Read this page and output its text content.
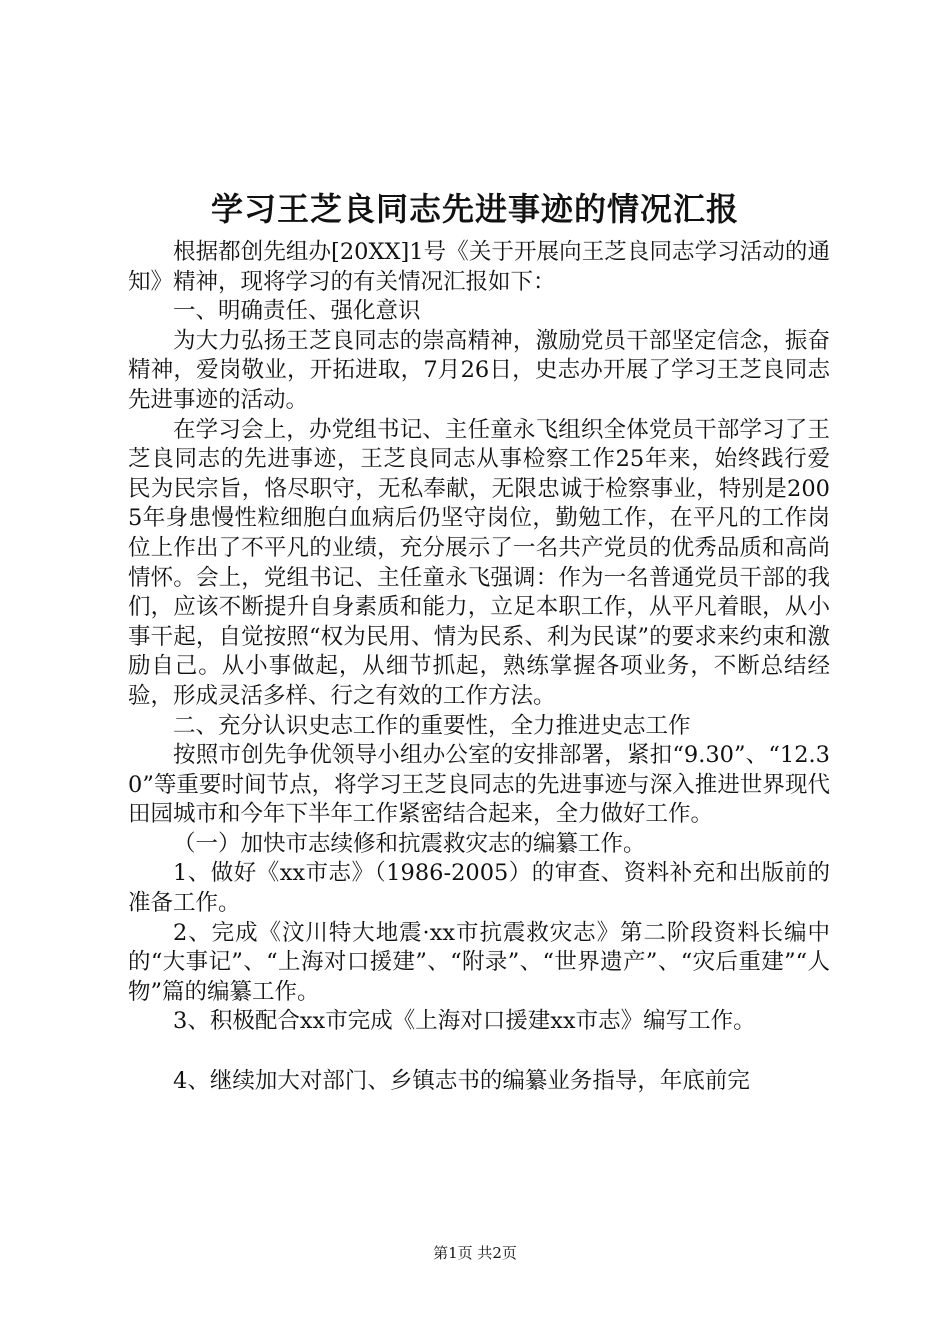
学习王芝良同志先进事迹的情况汇报

根据都创先组办[20XX]1号《关于开展向王芝良同志学习活动的通知》精神，现将学习的有关情况汇报如下：

一、明确责任、强化意识

为大力弘扬王芝良同志的崇高精神，激励党员干部坚定信念，振奋精神，爱岗敬业，开拓进取，7月26日，史志办开展了学习王芝良同志先进事迹的活动。

在学习会上，办党组书记、主任童永飞组织全体党员干部学习了王芝良同志的先进事迹，王芝良同志从事检察工作25年来，始终践行爱民为民宗旨，恪尽职守，无私奉献，无限忠诚于检察事业，特别是2005年身患慢性粒细胞白血病后仍坚守岗位，勤勉工作，在平凡的工作岗位上作出了不平凡的业绩，充分展示了一名共产党员的优秀品质和高尚情怀。会上，党组书记、主任童永飞强调：作为一名普通党员干部的我们，应该不断提升自身素质和能力，立足本职工作，从平凡着眼，从小事干起，自觉按照“权为民用、情为民系、利为民谋”的要求来约束和激励自己。从小事做起，从细节抓起，熟练掌握各项业务，不断总结经验，形成灵活多样、行之有效的工作方法。

二、充分认识史志工作的重要性，全力推进史志工作

按照市创先争优领导小组办公室的安排部署，紧扣“9.30”、“12.30”等重要时间节点，将学习王芝良同志的先进事迹与深入推进世界现代田园城市和今年下半年工作紧密结合起来，全力做好工作。

（一）加快市志续修和抗震救灾志的编纂工作。

1、做好《xx市志》（1986-2005）的审查、资料补充和出版前的准备工作。

2、完成《汶川特大地震·xx市抗震救灾志》第二阶段资料长编中的“大事记”、“上海对口援建”、“附录”、“世界遗产”、“灾后重建”“人物”篇的编纂工作。

3、积极配合xx市完成《上海对口援建xx市志》编写工作。

4、继续加大对部门、乡镇志书的编纂业务指导，年底前完

第1页 共2页
